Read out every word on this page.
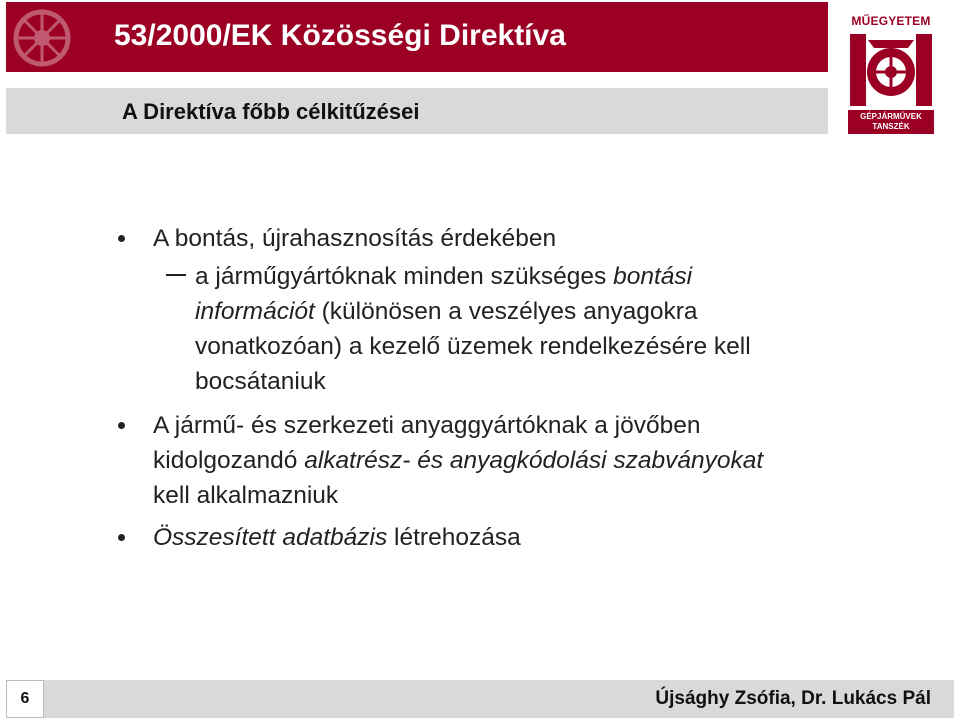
53/2000/EK Közösségi Direktíva
A Direktíva főbb célkitűzései
MŰEGYETEM
GÉPJÁRMŰVEK
TANSZÉK
A bontás, újrahasznosítás érdekében
a járműgyártóknak minden szükséges bontási
információt (különösen a veszélyes anyagokra
vonatkozóan) a kezelő üzemek rendelkezésére kell
bocsátaniuk
A jármű- és szerkezeti anyaggyártóknak a jövőben
kidolgozandó alkatrész- és anyagkódolási szabványokat
kell alkalmazniuk
Összesített adatbázis létrehozása
6	Újsághy Zsófia, Dr. Lukács Pál
